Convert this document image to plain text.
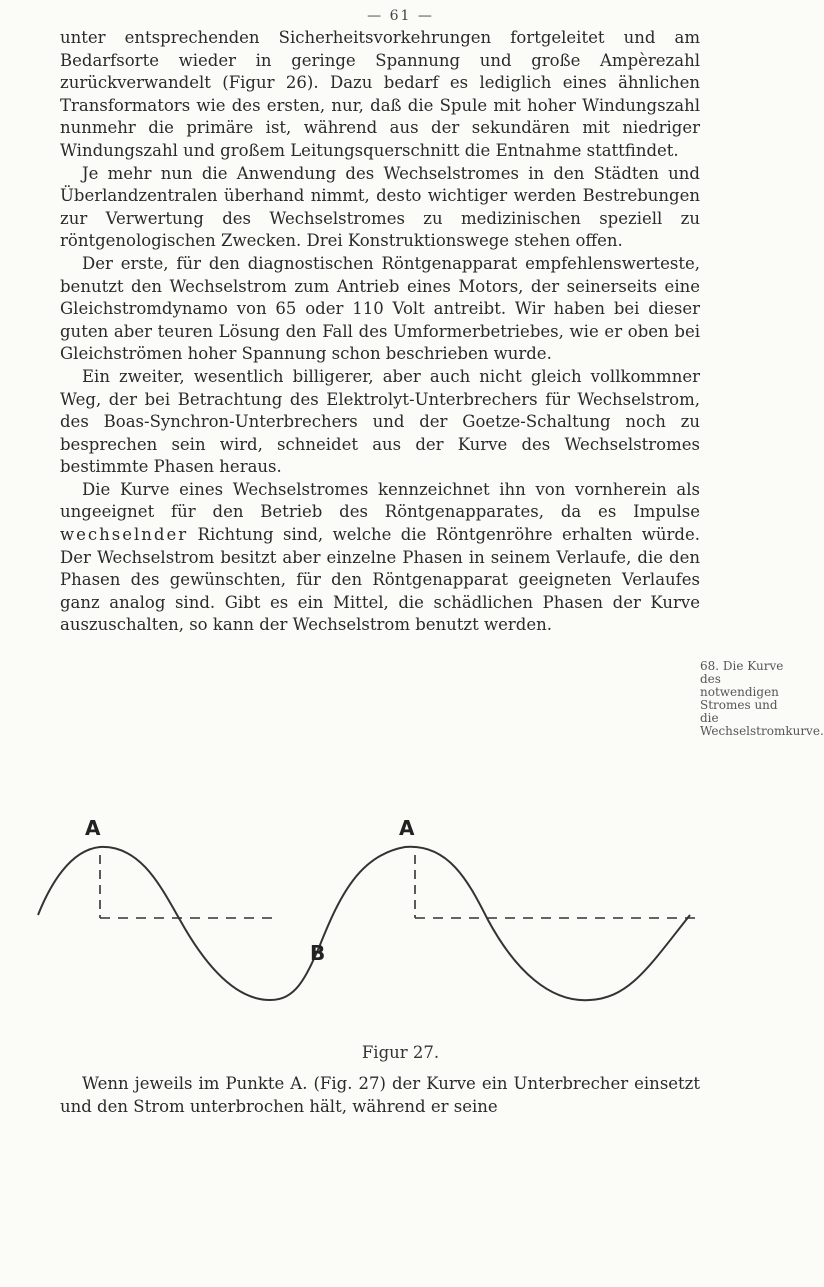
— 61 —

unter entsprechenden Sicherheitsvorkehrungen fortgeleitet und am Bedarfsorte wieder in geringe Spannung und große Ampèrezahl zurückverwandelt (Figur 26). Dazu bedarf es lediglich eines ähnlichen Transformators wie des ersten, nur, daß die Spule mit hoher Windungszahl nunmehr die primäre ist, während aus der sekundären mit niedriger Windungszahl und großem Leitungsquerschnitt die Entnahme stattfindet.

Je mehr nun die Anwendung des Wechselstromes in den Städten und Überlandzentralen überhand nimmt, desto wichtiger werden Bestrebungen zur Verwertung des Wechselstromes zu medizinischen speziell zu röntgenologischen Zwecken. Drei Konstruktionswege stehen offen.

Der erste, für den diagnostischen Röntgenapparat empfehlenswerteste, benutzt den Wechselstrom zum Antrieb eines Motors, der seinerseits eine Gleichstromdynamo von 65 oder 110 Volt antreibt. Wir haben bei dieser guten aber teuren Lösung den Fall des Umformerbetriebes, wie er oben bei Gleichströmen hoher Spannung schon beschrieben wurde.

Ein zweiter, wesentlich billigerer, aber auch nicht gleich vollkommner Weg, der bei Betrachtung des Elektrolyt-Unterbrechers für Wechselstrom, des Boas-Synchron-Unterbrechers und der Goetze-Schaltung noch zu besprechen sein wird, schneidet aus der Kurve des Wechselstromes bestimmte Phasen heraus.

Die Kurve eines Wechselstromes kennzeichnet ihn von vornherein als ungeeignet für den Betrieb des Röntgenapparates, da es Impulse wechselnder Richtung sind, welche die Röntgenröhre erhalten würde. Der Wechselstrom besitzt aber einzelne Phasen in seinem Verlaufe, die den Phasen des gewünschten, für den Röntgenapparat geeigneten Verlaufes ganz analog sind. Gibt es ein Mittel, die schädlichen Phasen der Kurve auszuschalten, so kann der Wechselstrom benutzt werden.

68. Die Kurve des notwendigen Stromes und die Wechselstromkurve.
A	A
B
Figur 27.

Wenn jeweils im Punkte A. (Fig. 27) der Kurve ein Unterbrecher einsetzt und den Strom unterbrochen hält, während er seine
